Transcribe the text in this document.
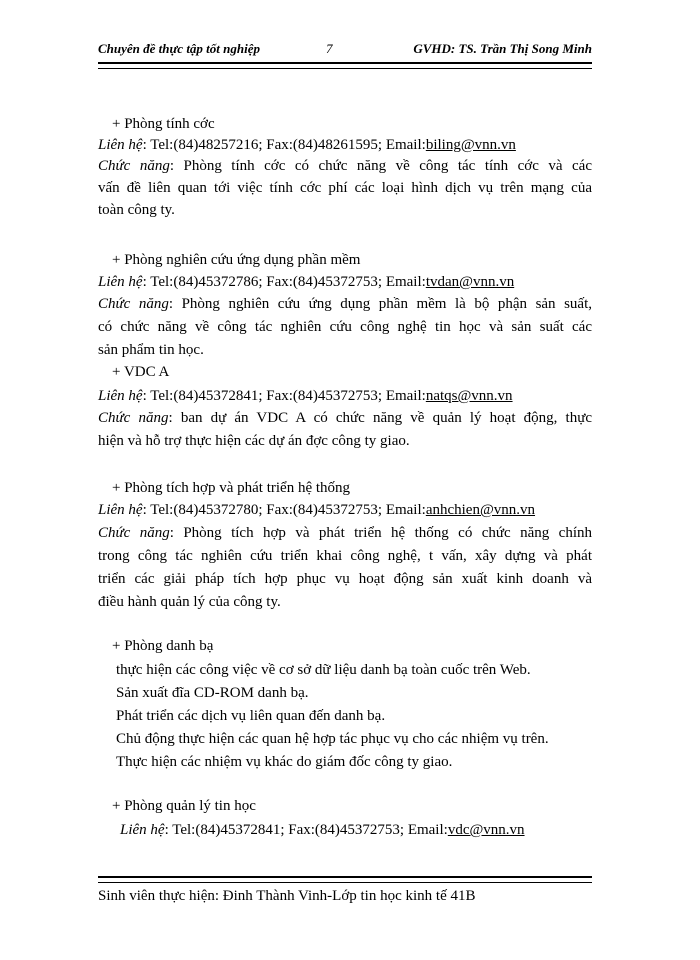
Chuyên đề thực tập tốt nghiệp	7	GVHD: TS. Trần Thị Song Minh
+ Phòng tính cớc
Liên hệ: Tel:(84)48257216; Fax:(84)48261595; Email:biling@vnn.vn
Chức năng: Phòng tính cớc có chức năng về công tác tính cớc và các
vấn đề liên quan tới việc tính cớc phí các loại hình dịch vụ trên mạng của
toàn công ty.
+ Phòng nghiên cứu ứng dụng phần mềm
Liên hệ: Tel:(84)45372786; Fax:(84)45372753; Email:tvdan@vnn.vn
Chức năng: Phòng nghiên cứu ứng dụng phần mềm là bộ phận sản suất,
có chức năng về công tác nghiên cứu công nghệ tin học và sản suất các
sản phẩm tin học.
+ VDC A
Liên hệ: Tel:(84)45372841; Fax:(84)45372753; Email:natqs@vnn.vn
Chức năng: ban dự án VDC A có chức năng về quản lý hoạt động, thực
hiện và hỗ trợ thực hiện các dự án đợc công ty giao.
+ Phòng tích hợp và phát triển hệ thống
Liên hệ: Tel:(84)45372780; Fax:(84)45372753; Email:anhchien@vnn.vn
Chức năng: Phòng tích hợp và phát triển hệ thống có chức năng chính
trong công tác nghiên cứu triển khai công nghệ, t vấn, xây dựng và phát
triển các giải pháp tích hợp phục vụ hoạt động sản xuất kinh doanh và
điều hành quản lý của công ty.
+ Phòng danh bạ
thực hiện các công việc về cơ sở dữ liệu danh bạ toàn cuốc trên Web.
Sản xuất đĩa CD-ROM danh bạ.
Phát triển các dịch vụ liên quan đến danh bạ.
Chủ động thực hiện các quan hệ hợp tác phục vụ cho các nhiệm vụ trên.
Thực hiện các nhiệm vụ khác do giám đốc công ty giao.
+ Phòng quản lý tin học
Liên hệ: Tel:(84)45372841; Fax:(84)45372753; Email:vdc@vnn.vn
Sinh viên thực hiện: Đinh Thành Vinh-Lớp tin học kinh tế 41B
